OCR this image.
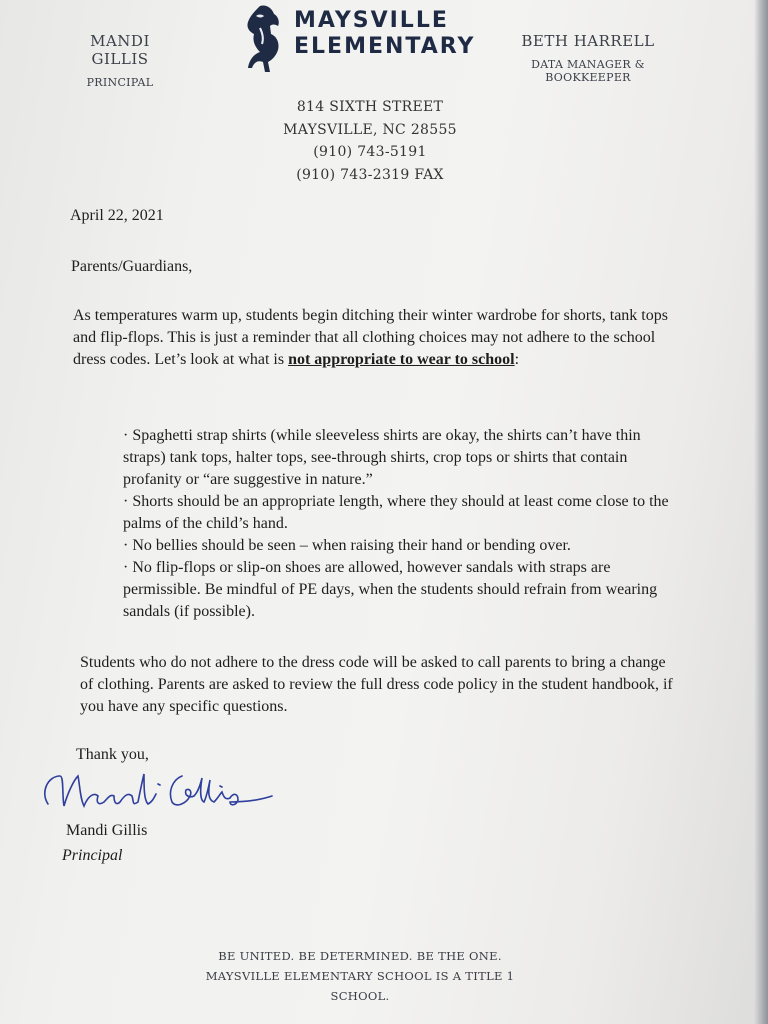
MANDI GILLIS
PRINCIPAL
MAYSVILLE
ELEMENTARY	BETH HARRELL
DATA MANAGER & BOOKKEEPER
814 SIXTH STREET
MAYSVILLE, NC 28555
(910) 743-5191
(910) 743-2319 FAX
April 22, 2021
Parents/Guardians,
As temperatures warm up, students begin ditching their winter wardrobe for shorts, tank tops and flip-flops. This is just a reminder that all clothing choices may not adhere to the school dress codes. Let’s look at what is not appropriate to wear to school:
· Spaghetti strap shirts (while sleeveless shirts are okay, the shirts can’t have thin straps) tank tops, halter tops, see-through shirts, crop tops or shirts that contain profanity or “are suggestive in nature.”
· Shorts should be an appropriate length, where they should at least come close to the palms of the child’s hand.
· No bellies should be seen – when raising their hand or bending over.
· No flip-flops or slip-on shoes are allowed, however sandals with straps are permissible. Be mindful of PE days, when the students should refrain from wearing sandals (if possible).
Students who do not adhere to the dress code will be asked to call parents to bring a change of clothing. Parents are asked to review the full dress code policy in the student handbook, if you have any specific questions.
Thank you,
Mandi Gillis
Principal
BE UNITED. BE DETERMINED. BE THE ONE.
MAYSVILLE ELEMENTARY SCHOOL IS A TITLE 1 SCHOOL.
